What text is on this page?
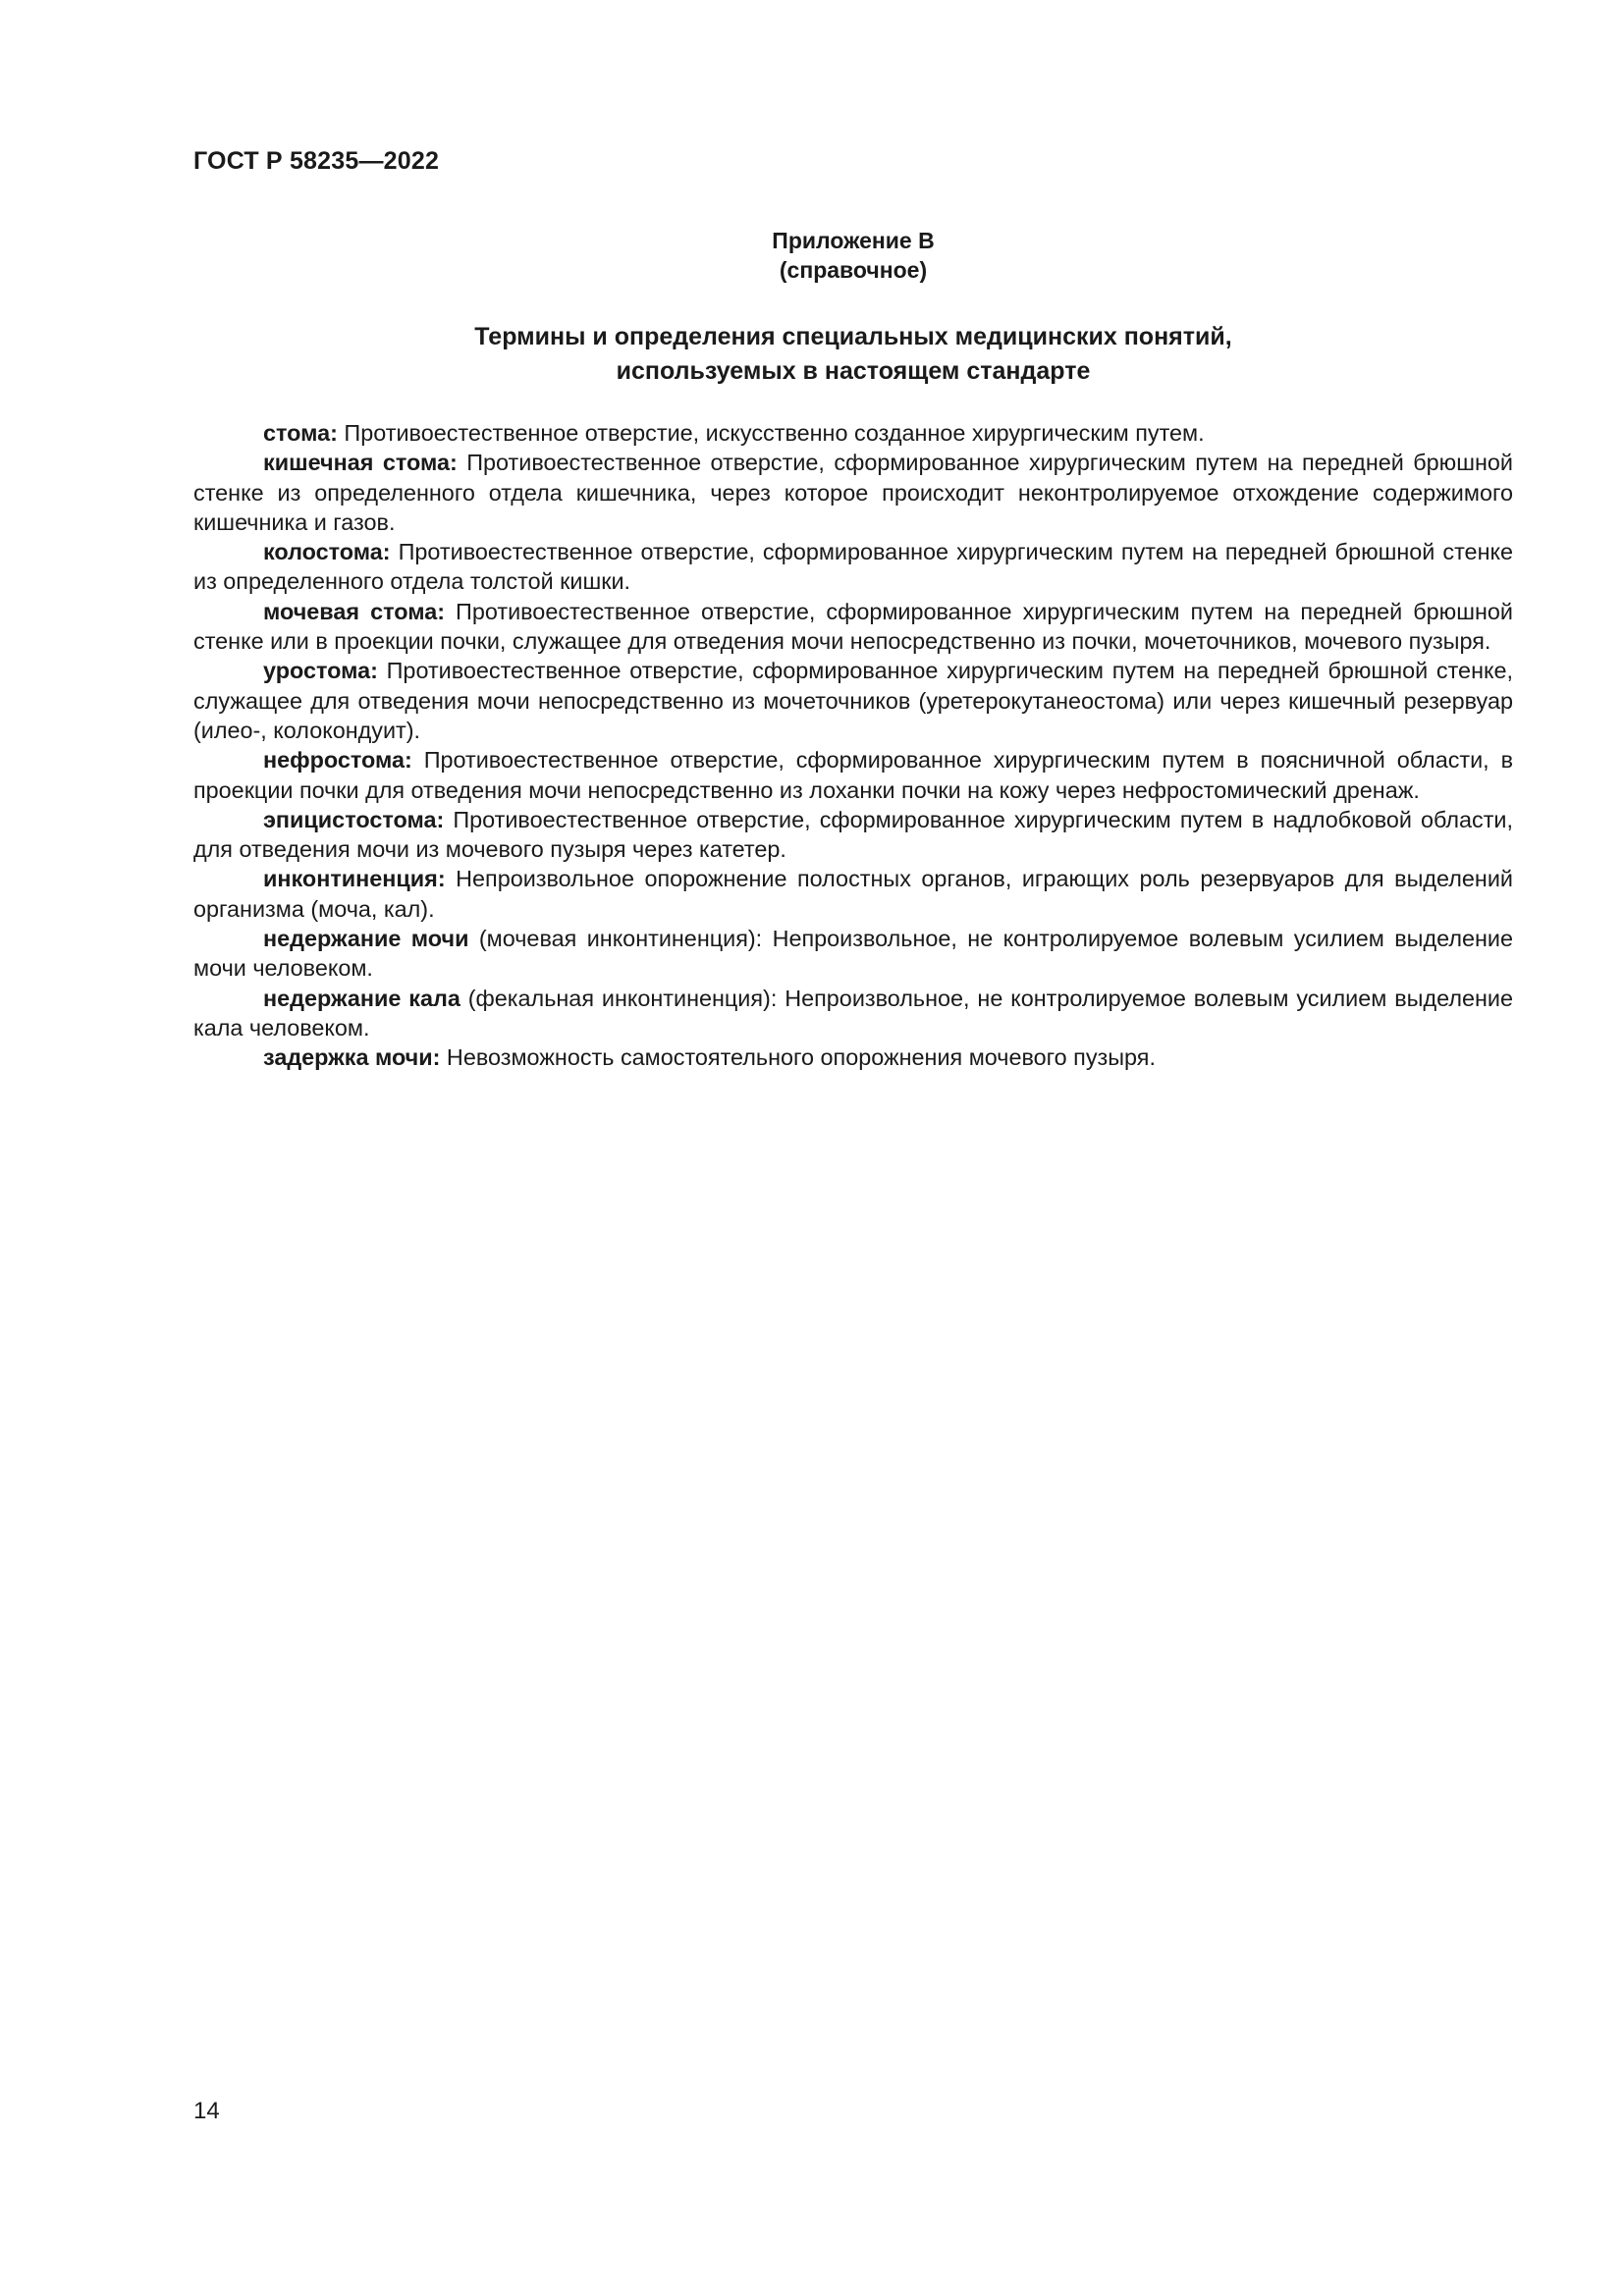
ГОСТ Р 58235—2022
Приложение В
(справочное)
Термины и определения специальных медицинских понятий,
используемых в настоящем стандарте

стома: Противоестественное отверстие, искусственно созданное хирургическим путем.

кишечная стома: Противоестественное отверстие, сформированное хирургическим путем на передней брюшной стенке из определенного отдела кишечника, через которое происходит неконтролируемое отхождение содержимого кишечника и газов.

колостома: Противоестественное отверстие, сформированное хирургическим путем на передней брюшной стенке из определенного отдела толстой кишки.

мочевая стома: Противоестественное отверстие, сформированное хирургическим путем на передней брюшной стенке или в проекции почки, служащее для отведения мочи непосредственно из почки, мочеточников, мочевого пузыря.

уростома: Противоестественное отверстие, сформированное хирургическим путем на передней брюшной стенке, служащее для отведения мочи непосредственно из мочеточников (уретерокутанеостома) или через кишечный резервуар (илео-, колокондуит).

нефростома: Противоестественное отверстие, сформированное хирургическим путем в поясничной области, в проекции почки для отведения мочи непосредственно из лоханки почки на кожу через нефростомический дренаж.

эпицистостома: Противоестественное отверстие, сформированное хирургическим путем в надлобковой области, для отведения мочи из мочевого пузыря через катетер.

инконтиненция: Непроизвольное опорожнение полостных органов, играющих роль резервуаров для выделений организма (моча, кал).

недержание мочи (мочевая инконтиненция): Непроизвольное, не контролируемое волевым усилием выделение мочи человеком.

недержание кала (фекальная инконтиненция): Непроизвольное, не контролируемое волевым усилием выделение кала человеком.

задержка мочи: Невозможность самостоятельного опорожнения мочевого пузыря.

14
